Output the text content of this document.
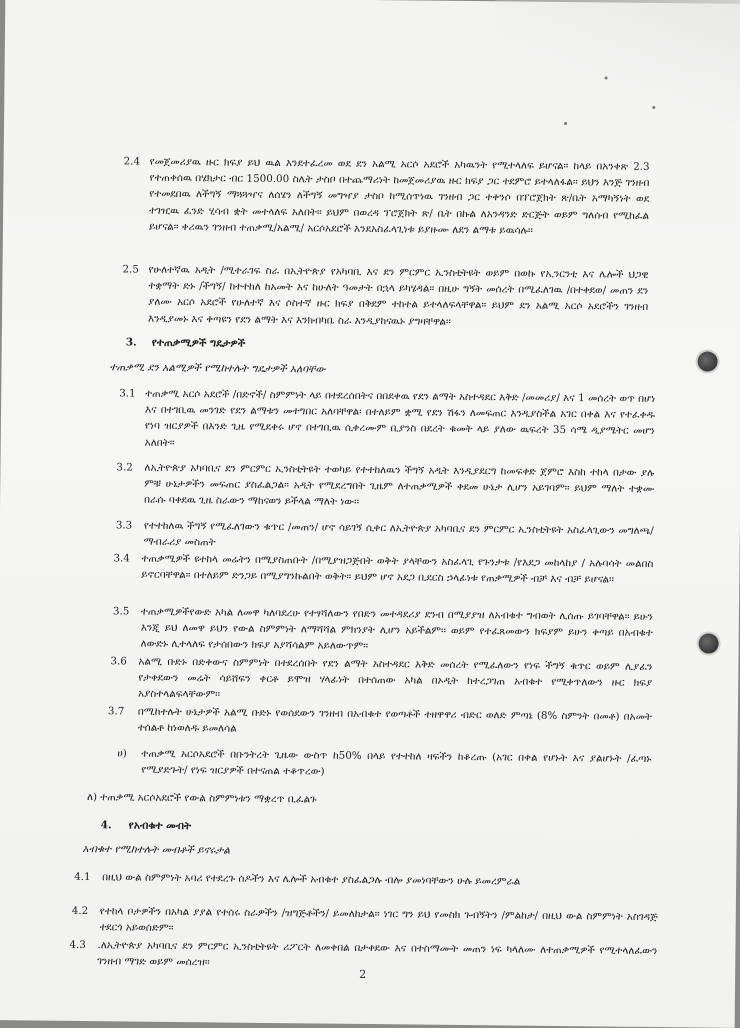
2.4 የመጀመሪያዉ ዙር ክፍያ ይህ ዉል እንደተፈረመ ወደ ደን አልሚ አርሶ አደሮች አካዉንት የሚተላለፍ ይሆናል፡፡ ከላይ በአንቀጽ 2.3 የተጠቀሰዉ በሄክታር ብር 1500.00 ስሌት ታስቦ በተጨማሪነት ከመጀመሪያዉ ዙር ክፍያ ጋር ተደምሮ ይተላለፋል፡፡ ይህን እንጅ ገንዘብ የተመደበዉ ለችግኝ ማጓጓዣና ለሰሄን ለችግኝ መግዣያ ታስቦ ከሚሰጥነዉ ገንዘብ ጋር ተቀንሶ በፕሮጀክት ጽ/ቤት አማካኝነት ወደ ተገዢዉ ፈንድ ሂሳብ ቋት መተላለፍ አለበት፡፡ ይህም በወረዳ ፕሮጀክት ጽ/ ቤት በኩል ለአንዳንድ ድርጅት ወይም ግለሰብ የሚከፈል ይሆናል፡፡ ቀሪዉን ገንዘብ ተጠቃሚ/አልሚ/ አርሶአደሮች እንደአስፈላጊነቱ ይያዙሙ ለደን ልማቱ ይዉሳሉ፡፡

2.5 የሁለተኛዉ አዲት /ሚተራገፍ ስራ በኢትዮጵያ የአካባቢ እና ደን ምርምር ኢንስቲትዩት ወይም በወኩ የኢንርንቲ እና ሌሎች ህጋዊ ተቋማት ድኑ /ችግኝ/ ከተተከለ ከአመት እና ከሁለት ዓመታት በኋላ ይካሄዳል፡፡ በዚሁ ግኝት መሰረት በሚፈለገዉ /በተቀደወ/ መጠን ደን ያለሙ አርሶ አደሮች የሁለተኛ እና ሶስተኛ ዙር ክፍያ በቅደም ተከተል ይተላለፍላቸዋል፡፡ ይህም ደን አልሚ አርሶ አደሮችን ገንዘብ እንዲያመኑ እና ቀጣዩን የደን ልማት እና እንክብካቤ ስራ እንዲያከናዉኑ ያግዛቸዋል፡፡

3. የተጠቃሚዎች ግዴታዎች
ተጠቃሚ ደን አልሚዎች የሚከተሉት ግዴታዎች አለባቸው
3.1 ተጠቃሚ አርሶ አደሮች /በድኖች/ ስምምነት ላይ በተደረሰበትና በበደቀዉ የደን ልማት አስተዳደር እቅድ /መመሪያ/ እና 1 መሰረት ወጥ በሆነ እና በተገቢዉ መንገድ የደን ልማቱን መተግበር አለባቸዋል፡ በተለይም ቋሚ የደን ሽፋን ለመፍጠር እንዲያስችል አገር በቀል እና የተፈቀዱ የነባ ዝርያዎች በእንድ ጊዜ የሚደቀሩ ሆኖ በተገቢዉ ሲቀረሙም ቢያንስ በደረት ቁመት ላይ ያለው ዉፍረት 35 ሳሜ ዲያሜትር መሆን አለበት፡፡

3.2 ለኢትዮጵያ አካባቢና ደን ምርምር ኢንስቲትዩት ተወካይ የተተከለዉን ችግኝ አዲት እንዲያደርግ ከመፍቀድ ጀምሮ እስከ ተከላ በታው ያሉ ምቹ ሁኔታዎችን መፍጠር ያስፈልጋል፡፡ አዲት የሚደረግበት ጊዜም ለተጠቃሚዎች ቀደመ ሁኔታ ሊሆን አይገባም፡፡ ይህም ማለት ተቋሙ በራሱ ባቀደዉ ጊዜ ስራውን ማከናወን ይችላል ማለት ነው፡፡

3.3 የተተከለዉ ችግኝ የሚፈለገውን ቁጥር /መጠን/ ሆኖ ሳይገኝ ሲቀር ለኢትዮጵያ አካባቢና ደን ምርምር ኢንስቲትዩት አስፈላጊውን መግለጫ/ማብራሪያ መስጠት

3.4 ተጠቃሚዎች ዩተከላ መሬትን በሚያስጠቡት /በሚያዝጋጅበት ወቅት ያላቸውን አስፈላጊ የጉንታቱ /የእደጋ መከላከያ / አሉባሳት መልበስ ይኖርባቸዋል፡፡ በተለይም ድንጋይ በሚያግንኩልበት ወቅት፡፡ ይህም ሆኖ አደጋ ቢደርስ ኃላፊነቱ የጠቃሚዎች ብቻ እና ብቻ ይሆናል፡፡

3.5 ተጠቃሚዎችየውድ አካል ለመዋ ካለባደረሁ የተፃሻለውን የበድን መተዳደሪያ ደንብ በሚያያዝ ለአብቁተ ግብወት ሊሰጡ ይገባቸዋል፡፡ ይሁን እንጂ ይህ ለመዋ ይህን የውል ስምምነት ለማሻሻል ምክንያት ሊሆን አይችልም፡፡ ወይም የተፈጸመውን ክፍያም ይሁን ቀጣይ በአብቁተ ለውድኑ ሊተላለፍ የታሰበውን ክፍያ አያሻሳልም አይለውጥም፡፡

3.6 አልሚ ቡድኑ በድቀውና ስምምነት በተደረሰበት የደን ልማት አስተዳደር እቅድ መሰረት የሚፈለውን የነፍ ችግኝ ቁጥር ወይም ሊያፈን የታቀደውን መሬት ሳይሸፍን ቀርቶ ይሞዝ ሃላፊነት በተሰጠው አካል በኦዲት ከተረጋገጠ አብቁተ የሚቀጥለውን ዙር ክፍያ አያስተላልፍላቸውም፡፡

3.7 በሚከተሉት ሁኔታዎች አልሚ ቡድኑ የወሰደውን ገንዘብ በአብቁተ የወጣቶች ተዘዋዋሪ ብድር ወለድ ምጣኔ (8% ስምንት በመቶ) በአመት ተሰልቶ ከነወለዱ ይመለሳል

ሀ) ተጠቃሚ አርሶአደሮች በቡንትረት ጊዜው ውስጥ ከ50% በላይ የተተከለ ዛፍችን ከቆረጡ (አገር በቀል የሆኑት እና ያልሆኑት /ፈጣኑ የሚያድጉት/ የነፍ ዝርያዎች በተናጠል ተቆጥረው)

ለ) ተጠቃሚ አርሶአደሮች የውል ስምምነቱን ማቋረጥ ቢፈልጉ
4. የአብቁተ መብት
አብቁተ የሚከተሉት መብቶች ይኖሩታል
4.1 በዚህ ውል ስምምነት አባሪ የተደረጉ ሰዶችን እና ሌሎች አብቁተ ያስፈልጋሉ ብሎ ያመነባቸውን ሁሉ ይመረምራል

4.2 የተከላ ቦታዎችን በአካል ያያል የተሰሩ ስራዎችን /ዝግጅቶችን/ ይመለከታል፡፡ ነገር ግን ይህ የመስክ ጉብኝትን /ምልከታ/ በዚህ ውል ስምምነት አስገዳጅ ተደርጎ አይወሰድም፡፡

4.3 .ለኢትዮጵያ አካባቢና ደን ምርምር ኢንስቲትዩት ሪፖርት ለመቀበል በታቀደው እና በተስማሙት መጠን ነፍ ካላለሙ ለተጠቃሚዎች የሚተላለፈውን ገንዘብ ማገድ ወይም መሰረዝ፡፡

2
